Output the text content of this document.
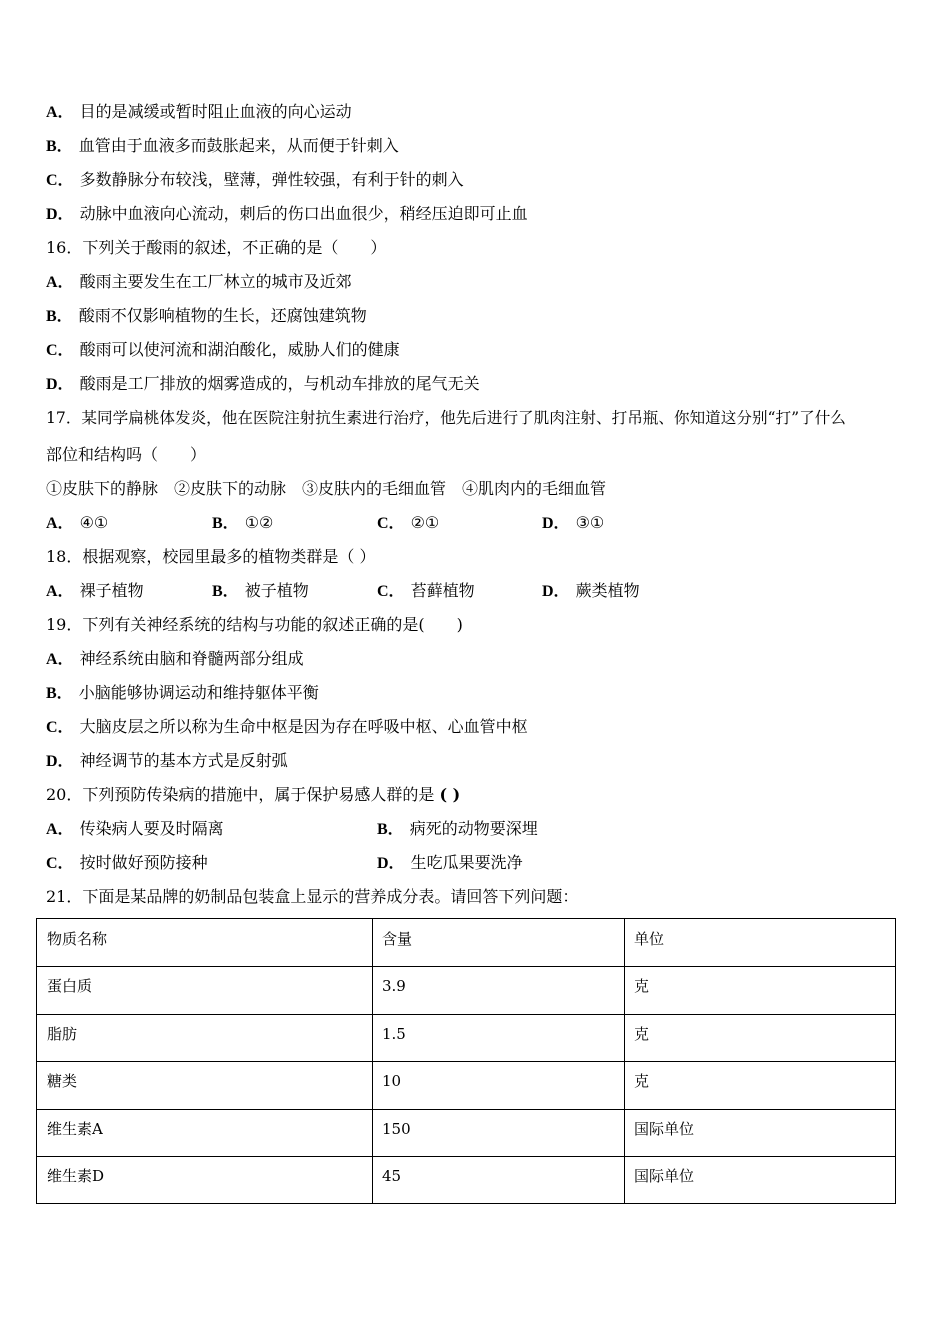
A． 目的是减缓或暂时阻止血液的向心运动
B． 血管由于血液多而鼓胀起来，从而便于针刺入
C． 多数静脉分布较浅，壁薄，弹性较强，有利于针的刺入
D． 动脉中血液向心流动，刺后的伤口出血很少，稍经压迫即可止血
16．下列关于酸雨的叙述，不正确的是（　　）
A． 酸雨主要发生在工厂林立的城市及近郊
B． 酸雨不仅影响植物的生长，还腐蚀建筑物
C． 酸雨可以使河流和湖泊酸化，威胁人们的健康
D． 酸雨是工厂排放的烟雾造成的，与机动车排放的尾气无关
17．某同学扁桃体发炎，他在医院注射抗生素进行治疗，他先后进行了肌肉注射、打吊瓶、你知道这分别“打”了什么
部位和结构吗（　　）
①皮肤下的静脉　②皮肤下的动脉　③皮肤内的毛细血管　④肌肉内的毛细血管
A． ④①	B． ①②	C． ②①	D． ③①
18．根据观察，校园里最多的植物类群是（ ）
A． 裸子植物	B． 被子植物	C． 苔藓植物	D． 蕨类植物
19．下列有关神经系统的结构与功能的叙述正确的是(　　)
A． 神经系统由脑和脊髓两部分组成
B． 小脑能够协调运动和维持躯体平衡
C． 大脑皮层之所以称为生命中枢是因为存在呼吸中枢、心血管中枢
D． 神经调节的基本方式是反射弧
20．下列预防传染病的措施中，属于保护易感人群的是 ( )
A． 传染病人要及时隔离	B． 病死的动物要深埋
C． 按时做好预防接种	D． 生吃瓜果要洗净
21．下面是某品牌的奶制品包装盒上显示的营养成分表。请回答下列问题：
物质名称	含量	单位
蛋白质	3.9	克
脂肪	1.5	克
糖类	10	克
维生素A	150	国际单位
维生素D	45	国际单位
